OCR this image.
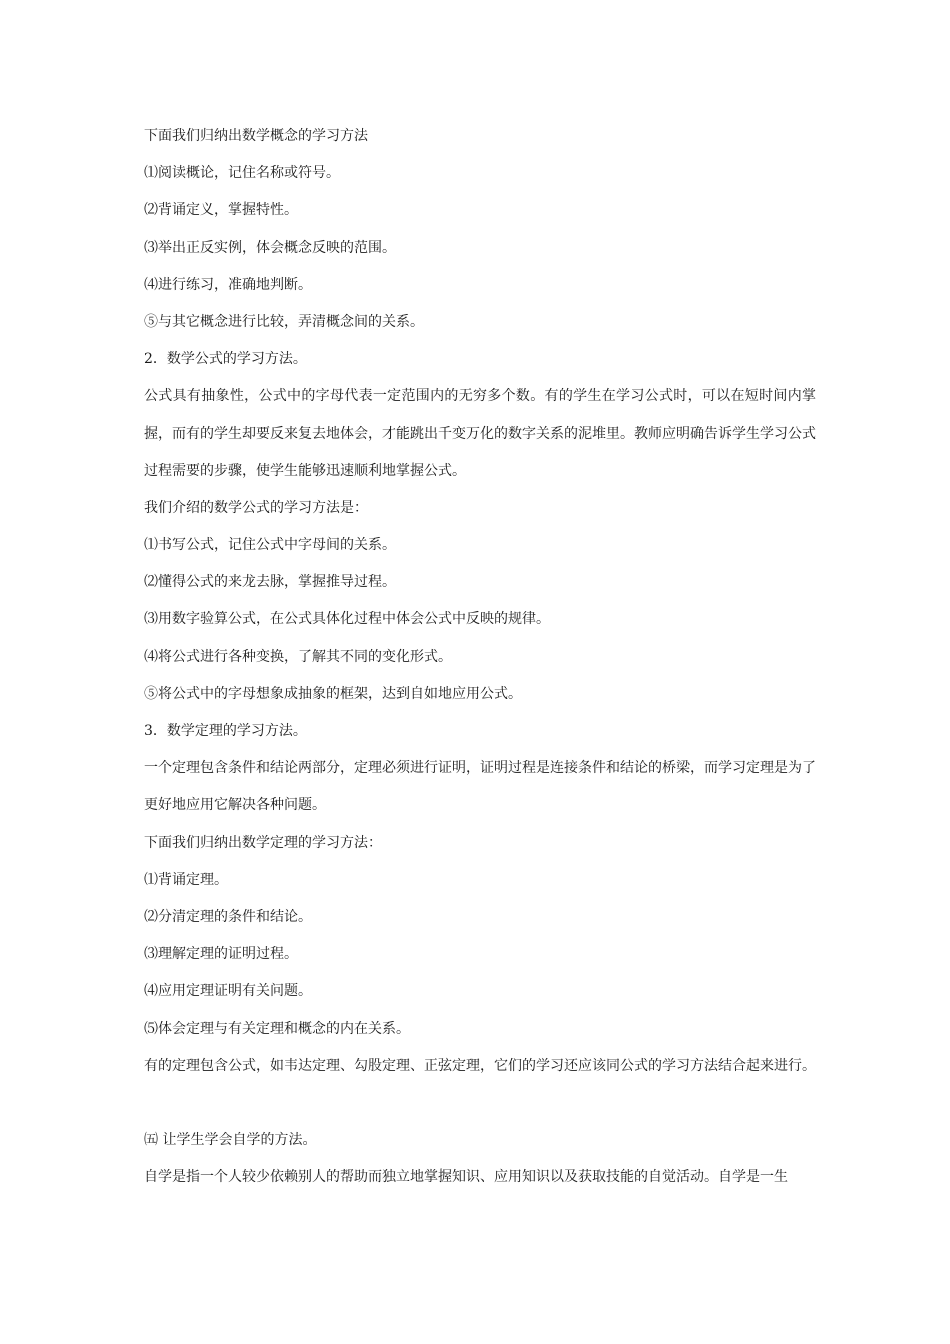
下面我们归纳出数学概念的学习方法

⑴阅读概论，记住名称或符号。

⑵背诵定义，掌握特性。

⑶举出正反实例，体会概念反映的范围。

⑷进行练习，准确地判断。

⑤与其它概念进行比较，弄清概念间的关系。

2．数学公式的学习方法。

公式具有抽象性，公式中的字母代表一定范围内的无穷多个数。有的学生在学习公式时，可以在短时间内掌握，而有的学生却要反来复去地体会，才能跳出千变万化的数字关系的泥堆里。教师应明确告诉学生学习公式过程需要的步骤，使学生能够迅速顺利地掌握公式。

我们介绍的数学公式的学习方法是：

⑴书写公式，记住公式中字母间的关系。

⑵懂得公式的来龙去脉，掌握推导过程。

⑶用数字验算公式，在公式具体化过程中体会公式中反映的规律。

⑷将公式进行各种变换，了解其不同的变化形式。

⑤将公式中的字母想象成抽象的框架，达到自如地应用公式。

3．数学定理的学习方法。

一个定理包含条件和结论两部分，定理必须进行证明，证明过程是连接条件和结论的桥梁，而学习定理是为了更好地应用它解决各种问题。

下面我们归纳出数学定理的学习方法：

⑴背诵定理。

⑵分清定理的条件和结论。

⑶理解定理的证明过程。

⑷应用定理证明有关问题。

⑸体会定理与有关定理和概念的内在关系。

有的定理包含公式，如韦达定理、勾股定理、正弦定理，它们的学习还应该同公式的学习方法结合起来进行。

㈤ 让学生学会自学的方法。

自学是指一个人较少依赖别人的帮助而独立地掌握知识、应用知识以及获取技能的自觉活动。自学是一生
